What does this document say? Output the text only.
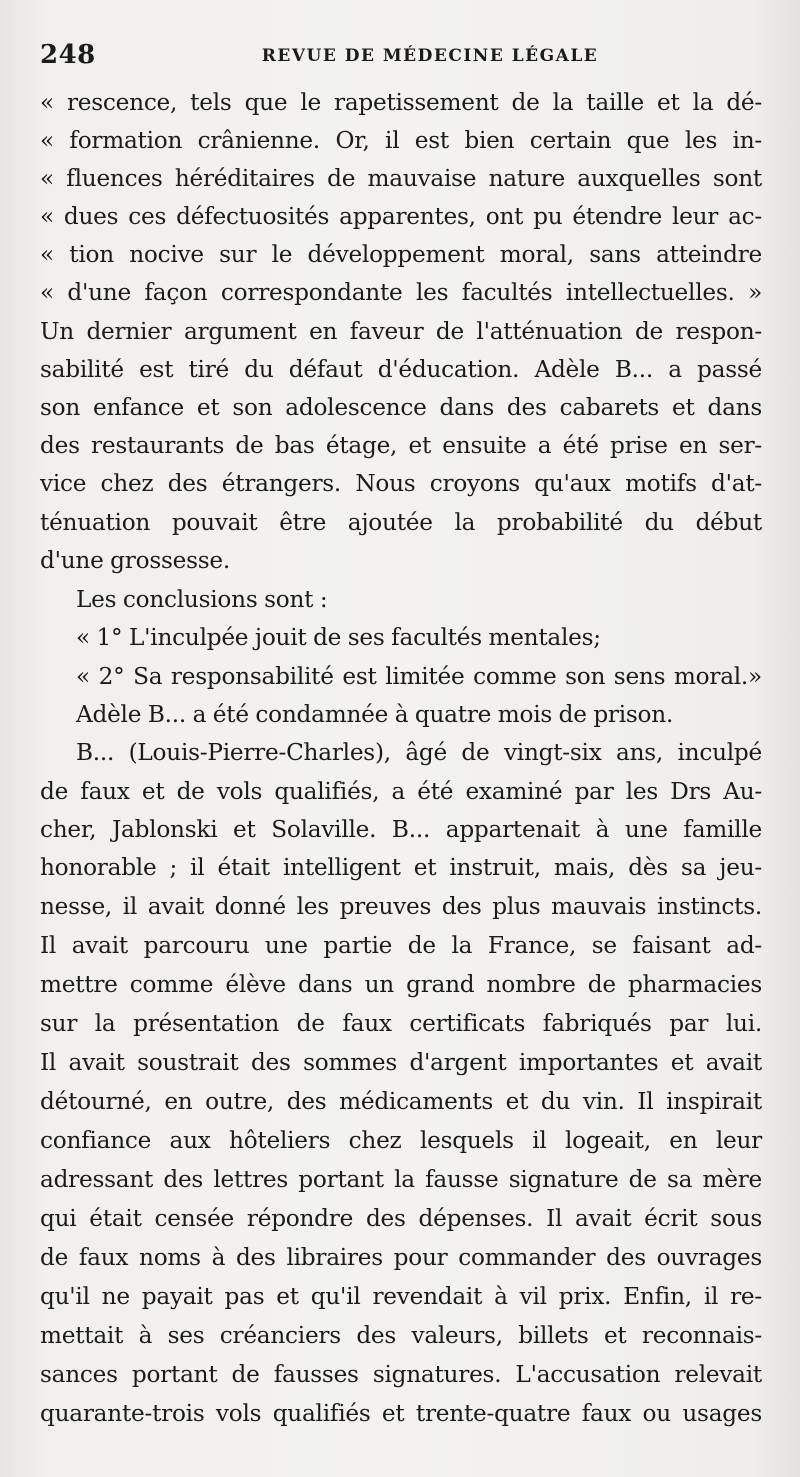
248	REVUE DE MÉDECINE LÉGALE
« rescence, tels que le rapetissement de la taille et la dé-
« formation crânienne. Or, il est bien certain que les in-
« fluences héréditaires de mauvaise nature auxquelles sont
« dues ces défectuosités apparentes, ont pu étendre leur ac-
« tion nocive sur le développement moral, sans atteindre
« d'une façon correspondante les facultés intellectuelles. »
Un dernier argument en faveur de l'atténuation de respon-
sabilité est tiré du défaut d'éducation. Adèle B... a passé
son enfance et son adolescence dans des cabarets et dans
des restaurants de bas étage, et ensuite a été prise en ser-
vice chez des étrangers. Nous croyons qu'aux motifs d'at-
ténuation pouvait être ajoutée la probabilité du début
d'une grossesse.
Les conclusions sont :
« 1° L'inculpée jouit de ses facultés mentales;
« 2° Sa responsabilité est limitée comme son sens moral.»
Adèle B... a été condamnée à quatre mois de prison.
B... (Louis-Pierre-Charles), âgé de vingt-six ans, inculpé
de faux et de vols qualifiés, a été examiné par les Drs Au-
cher, Jablonski et Solaville. B... appartenait à une famille
honorable ; il était intelligent et instruit, mais, dès sa jeu-
nesse, il avait donné les preuves des plus mauvais instincts.
Il avait parcouru une partie de la France, se faisant ad-
mettre comme élève dans un grand nombre de pharmacies
sur la présentation de faux certificats fabriqués par lui.
Il avait soustrait des sommes d'argent importantes et avait
détourné, en outre, des médicaments et du vin. Il inspirait
confiance aux hôteliers chez lesquels il logeait, en leur
adressant des lettres portant la fausse signature de sa mère
qui était censée répondre des dépenses. Il avait écrit sous
de faux noms à des libraires pour commander des ouvrages
qu'il ne payait pas et qu'il revendait à vil prix. Enfin, il re-
mettait à ses créanciers des valeurs, billets et reconnais-
sances portant de fausses signatures. L'accusation relevait
quarante-trois vols qualifiés et trente-quatre faux ou usages
